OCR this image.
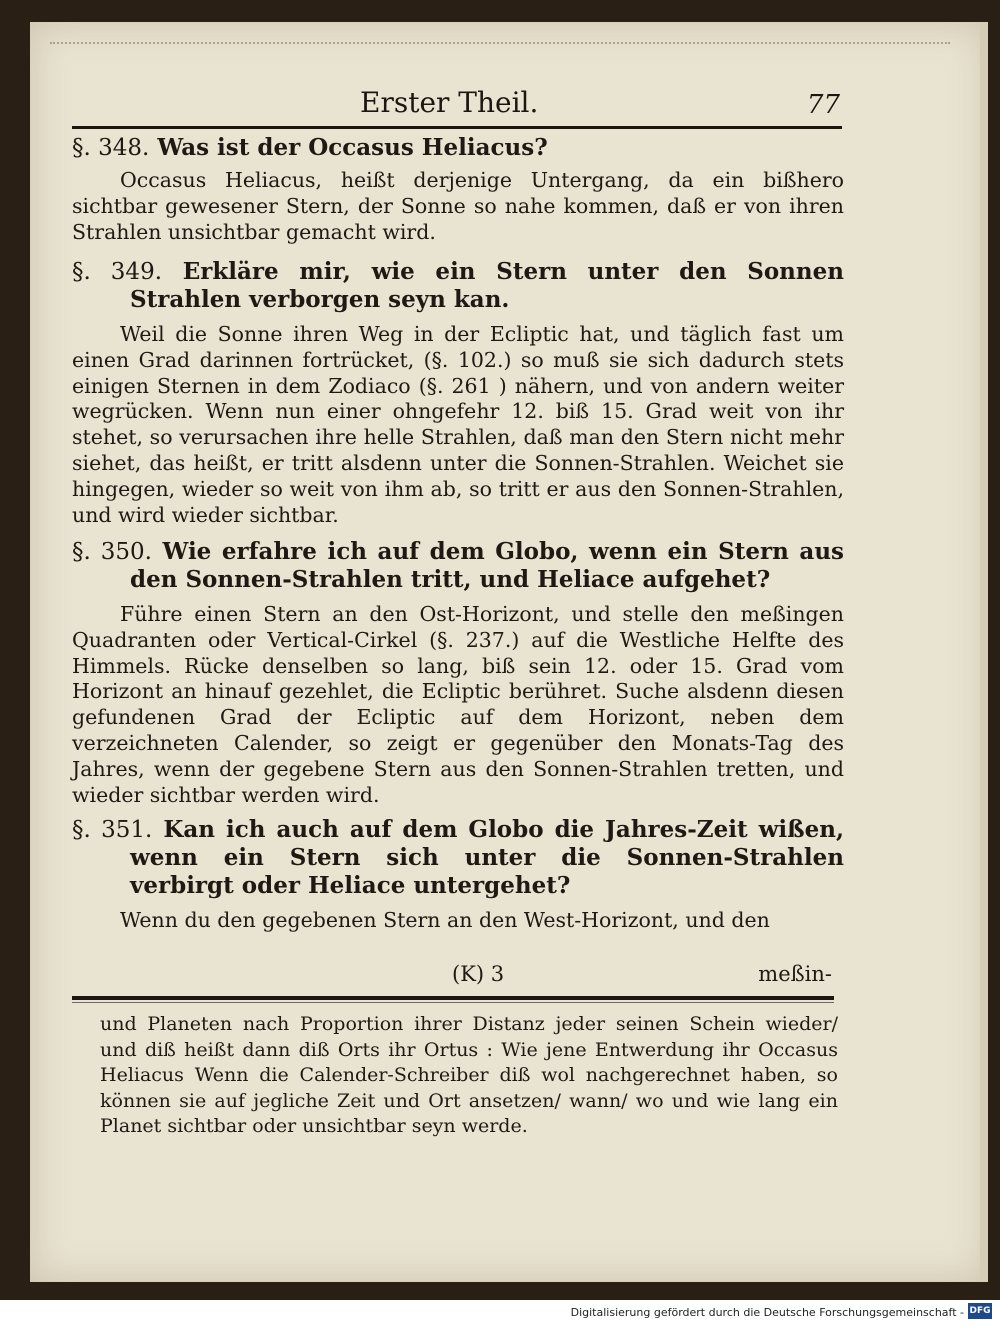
Erster Theil.	77

§. 348. Was ist der Occasus Heliacus?

Occasus Heliacus, heißt derjenige Untergang, da ein bißhero sichtbar gewesener Stern, der Sonne so nahe kommen, daß er von ihren Strahlen unsichtbar gemacht wird.

§. 349. Erkläre mir, wie ein Stern unter den Sonnen Strahlen verborgen seyn kan.

Weil die Sonne ihren Weg in der Ecliptic hat, und täglich fast um einen Grad darinnen fortrücket, (§. 102.) so muß sie sich dadurch stets einigen Sternen in dem Zodiaco (§. 261 ) nähern, und von andern weiter wegrücken. Wenn nun einer ohngefehr 12. biß 15. Grad weit von ihr stehet, so verursachen ihre helle Strahlen, daß man den Stern nicht mehr siehet, das heißt, er tritt alsdenn unter die Sonnen-Strahlen. Weichet sie hingegen, wieder so weit von ihm ab, so tritt er aus den Sonnen-Strahlen, und wird wieder sichtbar.

§. 350. Wie erfahre ich auf dem Globo, wenn ein Stern aus den Sonnen-Strahlen tritt, und Heliace aufgehet?

Führe einen Stern an den Ost-Horizont, und stelle den meßingen Quadranten oder Vertical-Cirkel (§. 237.) auf die Westliche Helfte des Himmels. Rücke denselben so lang, biß sein 12. oder 15. Grad vom Horizont an hinauf gezehlet, die Ecliptic berühret. Suche alsdenn diesen gefundenen Grad der Ecliptic auf dem Horizont, neben dem verzeichneten Calender, so zeigt er gegenüber den Monats-Tag des Jahres, wenn der gegebene Stern aus den Sonnen-Strahlen tretten, und wieder sichtbar werden wird.

§. 351. Kan ich auch auf dem Globo die Jahres-Zeit wißen, wenn ein Stern sich unter die Sonnen-Strahlen verbirgt oder Heliace untergehet?

Wenn du den gegebenen Stern an den West-Horizont, und den

(K) 3	meßin-

und Planeten nach Proportion ihrer Distanz jeder seinen Schein wieder/ und diß heißt dann diß Orts ihr Ortus : Wie jene Entwerdung ihr Occasus Heliacus Wenn die Calender-Schreiber diß wol nachgerechnet haben, so können sie auf jegliche Zeit und Ort ansetzen/ wann/ wo und wie lang ein Planet sichtbar oder unsichtbar seyn werde.

Digitalisierung gefördert durch die Deutsche Forschungsgemeinschaft - DFG
